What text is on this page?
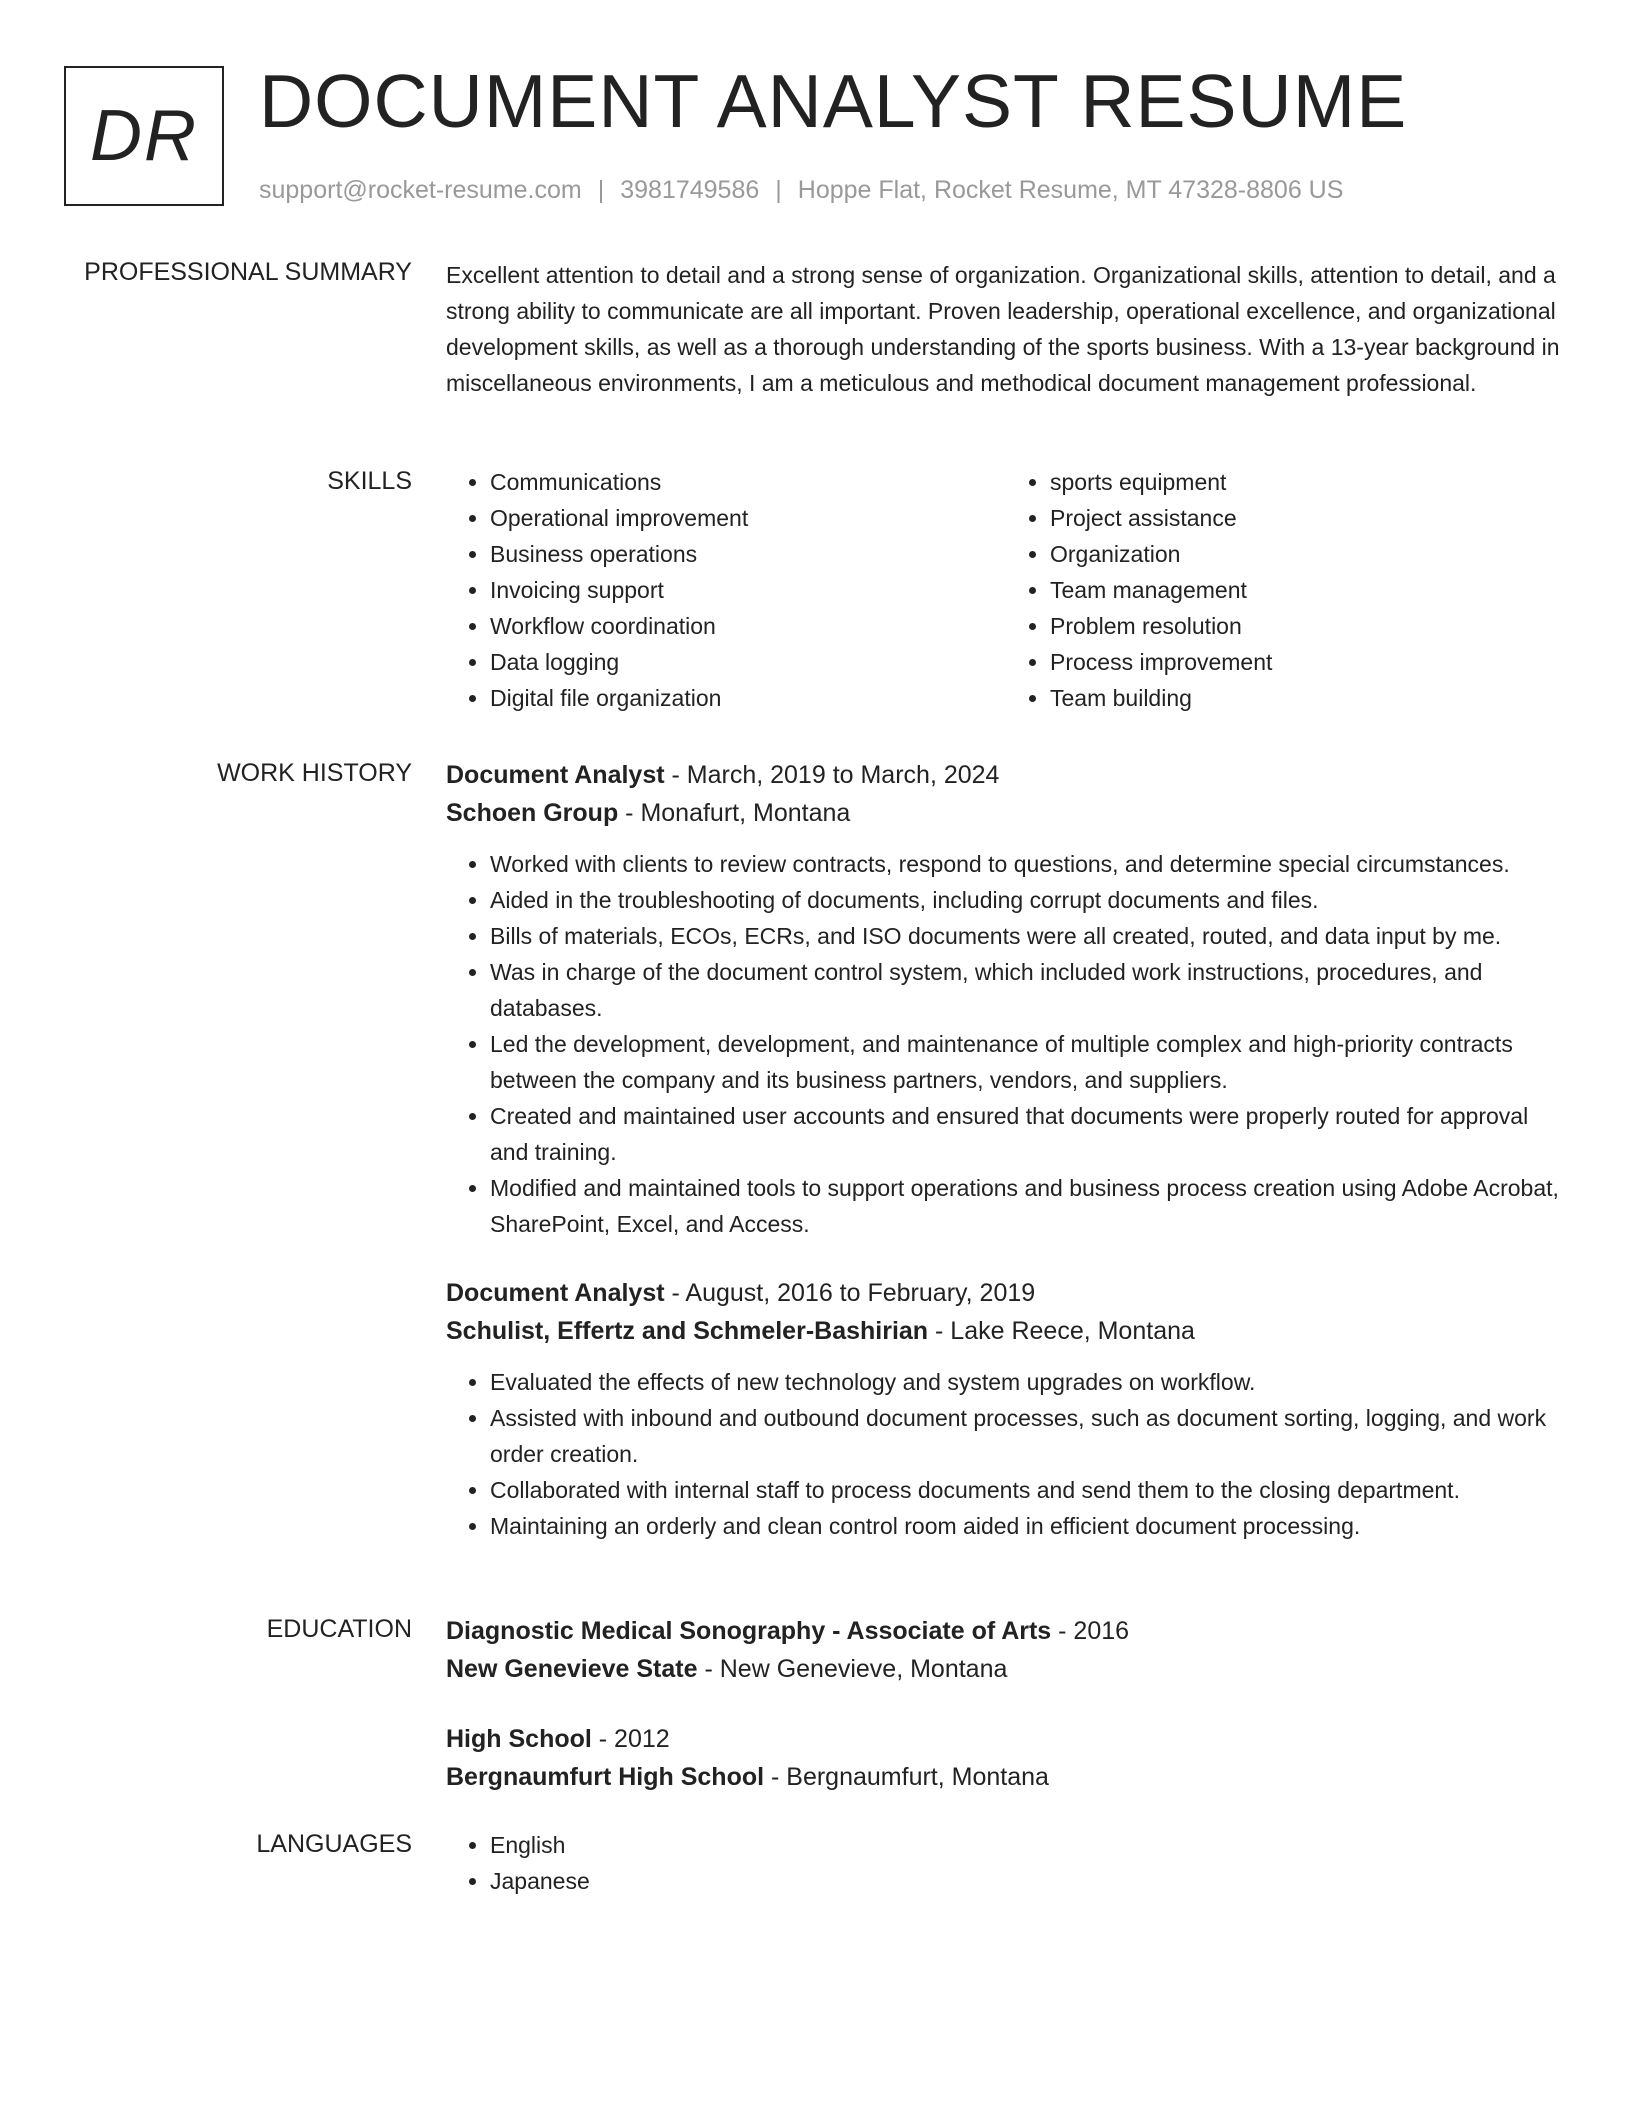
DR DOCUMENT ANALYST RESUME
support@rocket-resume.com | 3981749586 | Hoppe Flat, Rocket Resume, MT 47328-8806 US
PROFESSIONAL SUMMARY Excellent attention to detail and a strong sense of organization. Organizational skills, attention to detail, and a strong ability to communicate are all important. Proven leadership, operational excellence, and organizational development skills, as well as a thorough understanding of the sports business. With a 13-year background in miscellaneous environments, I am a meticulous and methodical document management professional.

SKILLS	• Communications
• Operational improvement
• Business operations
• Invoicing support
• Workflow coordination
• Data logging
• Digital file organization
• sports equipment
• Project assistance
• Organization
• Team management
• Problem resolution
• Process improvement
• Team building
WORK HISTORY Document Analyst - March, 2019 to March, 2024
Schoen Group - Monafurt, Montana
• Worked with clients to review contracts, respond to questions, and determine special circumstances.
• Aided in the troubleshooting of documents, including corrupt documents and files.
• Bills of materials, ECOs, ECRs, and ISO documents were all created, routed, and data input by me.
• Was in charge of the document control system, which included work instructions, procedures, and databases.
• Led the development, development, and maintenance of multiple complex and high-priority contracts between the company and its business partners, vendors, and suppliers.
• Created and maintained user accounts and ensured that documents were properly routed for approval and training.
• Modified and maintained tools to support operations and business process creation using Adobe Acrobat, SharePoint, Excel, and Access.
Document Analyst - August, 2016 to February, 2019
Schulist, Effertz and Schmeler-Bashirian - Lake Reece, Montana
• Evaluated the effects of new technology and system upgrades on workflow.
• Assisted with inbound and outbound document processes, such as document sorting, logging, and work order creation.
• Collaborated with internal staff to process documents and send them to the closing department.
• Maintaining an orderly and clean control room aided in efficient document processing.
EDUCATION Diagnostic Medical Sonography - Associate of Arts - 2016
New Genevieve State - New Genevieve, Montana
High School - 2012
Bergnaumfurt High School - Bergnaumfurt, Montana
LANGUAGES	• English
• Japanese
